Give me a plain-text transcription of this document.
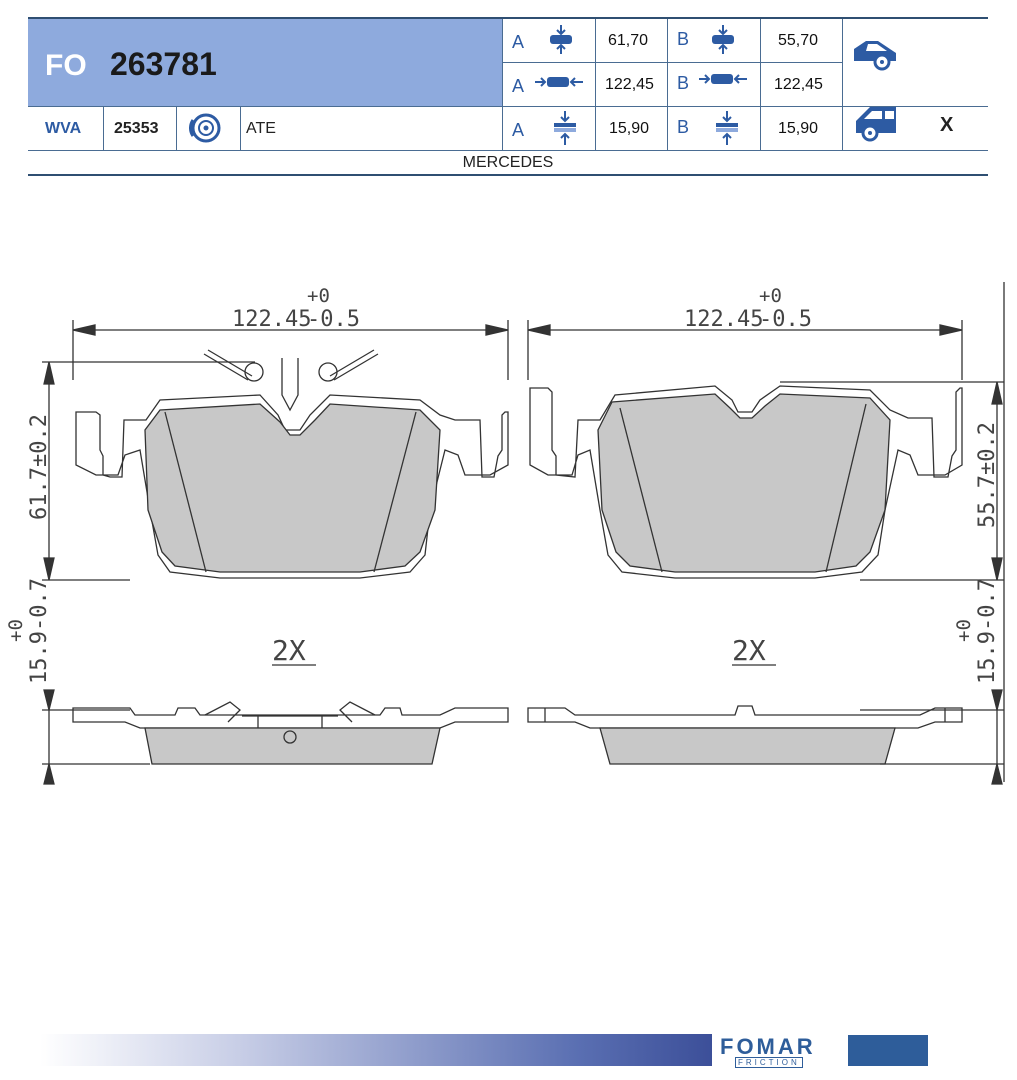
FO 263781
A	61,70 B	55,70
A	122,45 B	122,45
WVA 25353	ATE	A	15,90 B	15,90	X
MERCEDES
122.45
-0.5
+0
61.7±0.2
2X
15.9-0.7
+0
122.45
-0.5
+0
55.7±0.2
2X	15.9-0.7
+0
FOMAR
FRICTION
